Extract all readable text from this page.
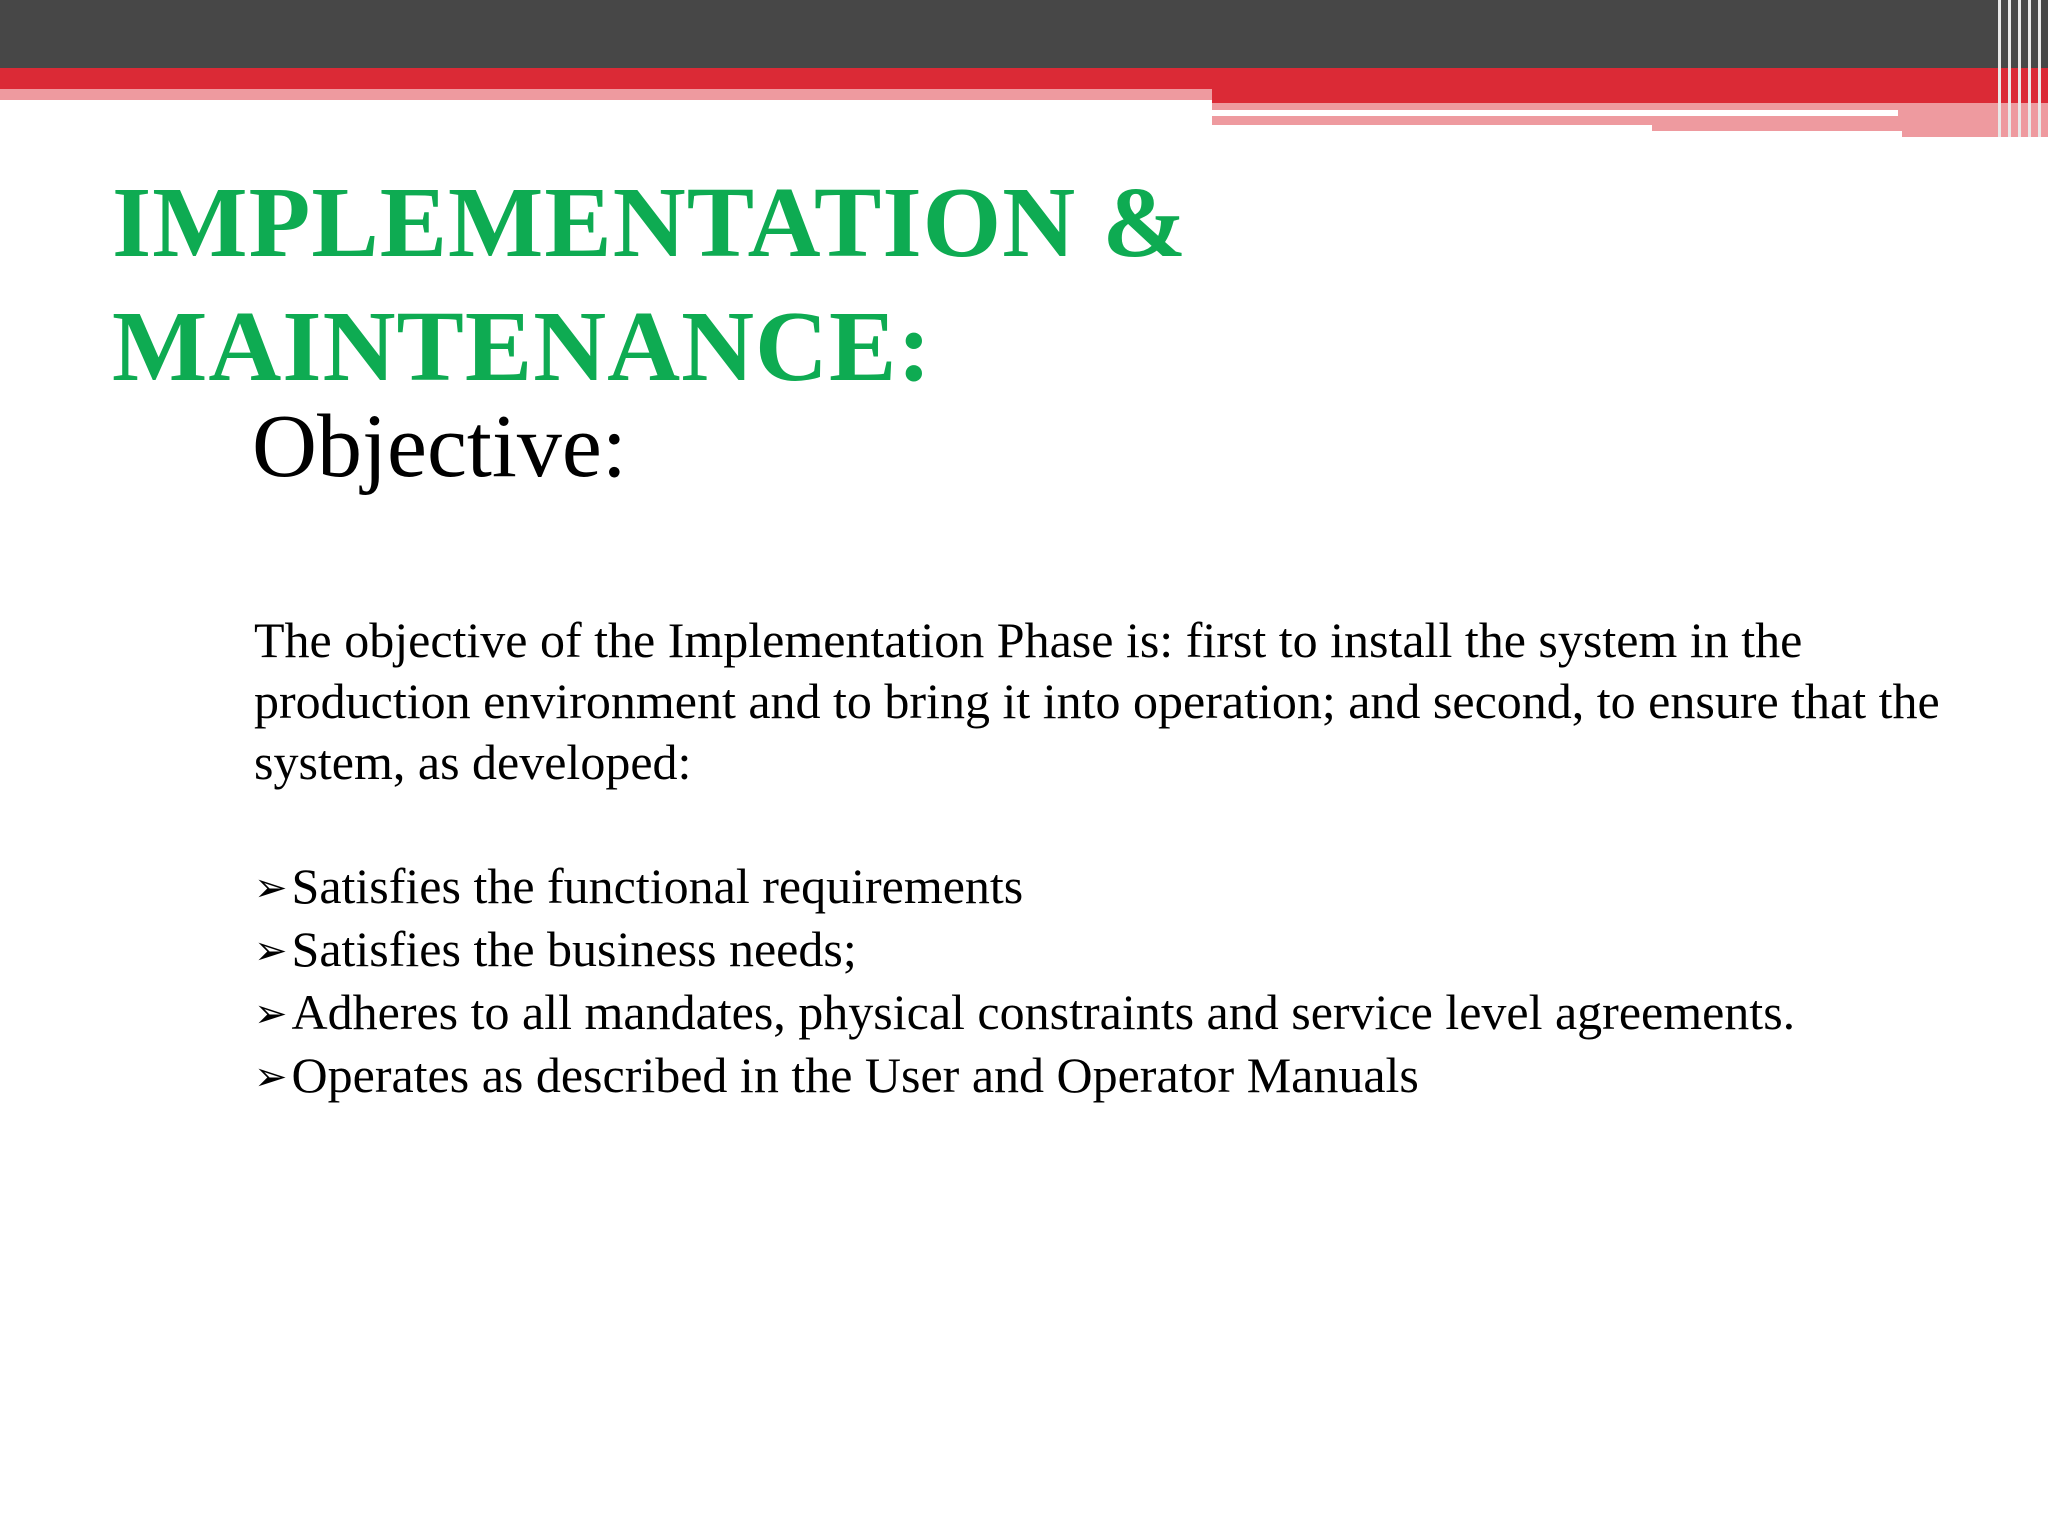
IMPLEMENTATION &
MAINTENANCE:
Objective:

The objective of the Implementation Phase is: first to install the system in the production environment and to bring it into operation; and second, to ensure that the system, as developed:

➢Satisfies the functional requirements
➢Satisfies the business needs;
➢Adheres to all mandates, physical constraints and service level agreements.
➢Operates as described in the User and Operator Manuals
